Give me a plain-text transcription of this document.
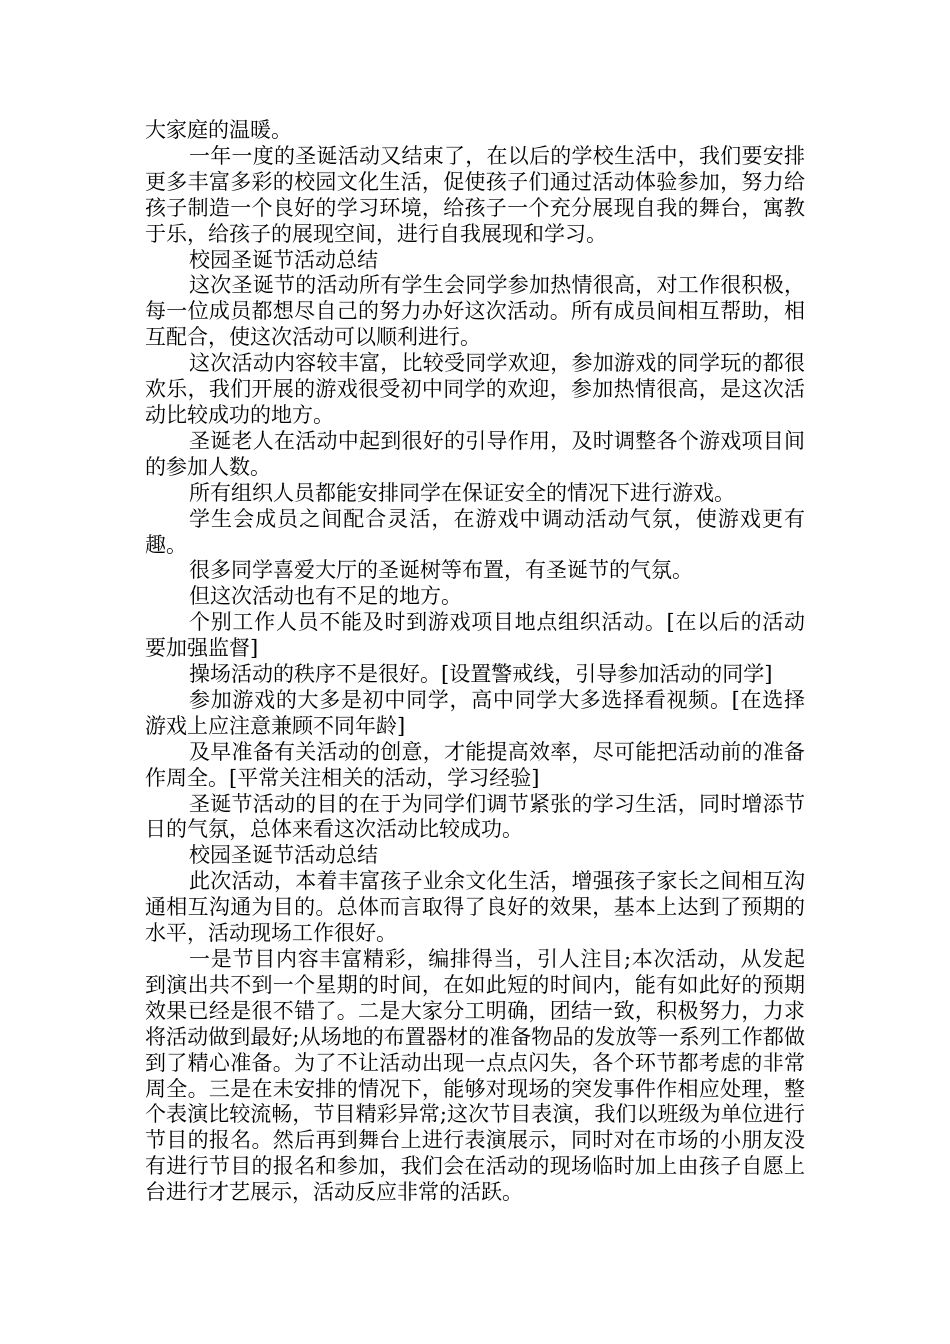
大家庭的温暖。

一年一度的圣诞活动又结束了，在以后的学校生活中，我们要安排更多丰富多彩的校园文化生活，促使孩子们通过活动体验参加，努力给孩子制造一个良好的学习环境，给孩子一个充分展现自我的舞台，寓教于乐，给孩子的展现空间，进行自我展现和学习。

校园圣诞节活动总结

这次圣诞节的活动所有学生会同学参加热情很高，对工作很积极，每一位成员都想尽自己的努力办好这次活动。所有成员间相互帮助，相互配合，使这次活动可以顺利进行。

这次活动内容较丰富，比较受同学欢迎，参加游戏的同学玩的都很欢乐，我们开展的游戏很受初中同学的欢迎，参加热情很高，是这次活动比较成功的地方。

圣诞老人在活动中起到很好的引导作用，及时调整各个游戏项目间的参加人数。

所有组织人员都能安排同学在保证安全的情况下进行游戏。

学生会成员之间配合灵活，在游戏中调动活动气氛，使游戏更有趣。

很多同学喜爱大厅的圣诞树等布置，有圣诞节的气氛。

但这次活动也有不足的地方。

个别工作人员不能及时到游戏项目地点组织活动。[在以后的活动要加强监督]

操场活动的秩序不是很好。[设置警戒线，引导参加活动的同学]

参加游戏的大多是初中同学，高中同学大多选择看视频。[在选择游戏上应注意兼顾不同年龄]

及早准备有关活动的创意，才能提高效率，尽可能把活动前的准备作周全。[平常关注相关的活动，学习经验]

圣诞节活动的目的在于为同学们调节紧张的学习生活，同时增添节日的气氛，总体来看这次活动比较成功。

校园圣诞节活动总结

此次活动，本着丰富孩子业余文化生活，增强孩子家长之间相互沟通相互沟通为目的。总体而言取得了良好的效果，基本上达到了预期的水平，活动现场工作很好。

一是节目内容丰富精彩，编排得当，引人注目;本次活动，从发起到演出共不到一个星期的时间，在如此短的时间内，能有如此好的预期效果已经是很不错了。二是大家分工明确，团结一致，积极努力，力求将活动做到最好;从场地的布置器材的准备物品的发放等一系列工作都做到了精心准备。为了不让活动出现一点点闪失，各个环节都考虑的非常周全。三是在未安排的情况下，能够对现场的突发事件作相应处理，整个表演比较流畅，节目精彩异常;这次节目表演，我们以班级为单位进行节目的报名。然后再到舞台上进行表演展示，同时对在市场的小朋友没有进行节目的报名和参加，我们会在活动的现场临时加上由孩子自愿上台进行才艺展示，活动反应非常的活跃。
